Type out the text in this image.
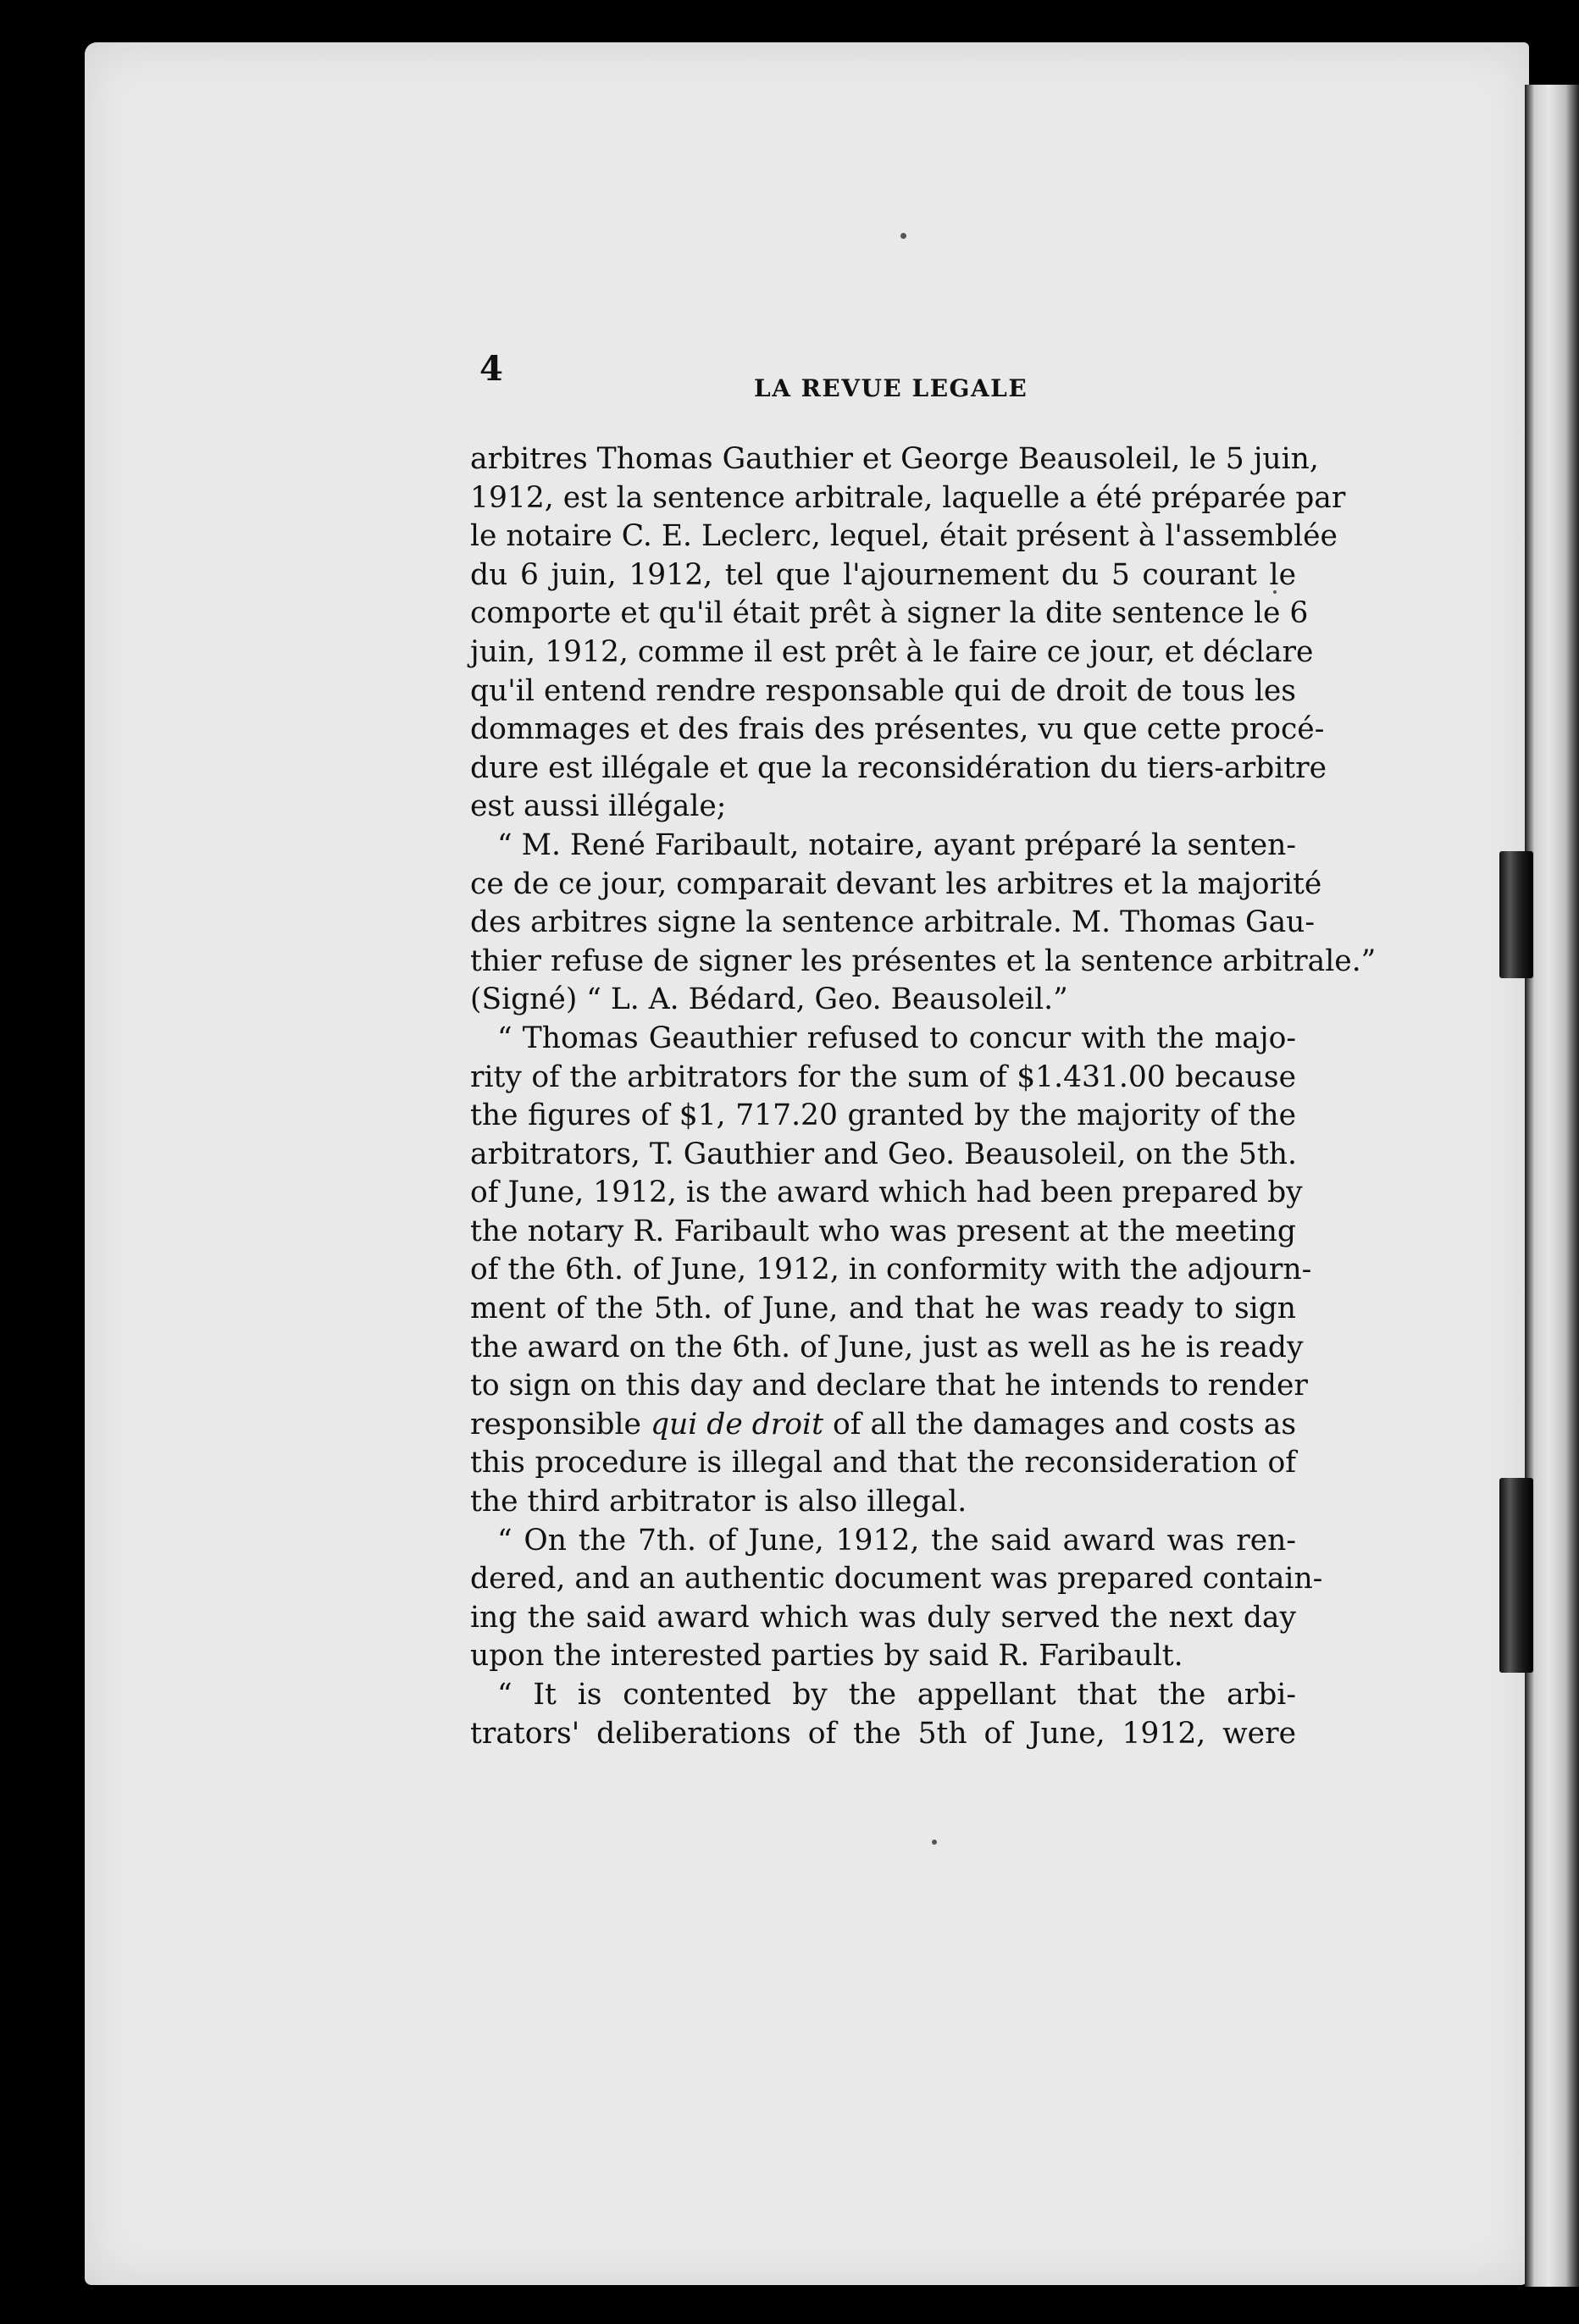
4	LA REVUE LEGALE
arbitres Thomas Gauthier et George Beausoleil, le 5 juin,
1912, est la sentence arbitrale, laquelle a été préparée par
le notaire C. E. Leclerc, lequel, était présent à l'assemblée
du 6 juin, 1912, tel que l'ajournement du 5 courant le
comporte et qu'il était prêt à signer la dite sentence le 6
juin, 1912, comme il est prêt à le faire ce jour, et déclare
qu'il entend rendre responsable qui de droit de tous les
dommages et des frais des présentes, vu que cette procé-
dure est illégale et que la reconsidération du tiers-arbitre
est aussi illégale;
“ M. René Faribault, notaire, ayant préparé la senten-
ce de ce jour, comparait devant les arbitres et la majorité
des arbitres signe la sentence arbitrale. M. Thomas Gau-
thier refuse de signer les présentes et la sentence arbitrale.”
(Signé) “ L. A. Bédard, Geo. Beausoleil.”
“ Thomas Geauthier refused to concur with the majo-
rity of the arbitrators for the sum of $1.431.00 because
the figures of $1, 717.20 granted by the majority of the
arbitrators, T. Gauthier and Geo. Beausoleil, on the 5th.
of June, 1912, is the award which had been prepared by
the notary R. Faribault who was present at the meeting
of the 6th. of June, 1912, in conformity with the adjourn-
ment of the 5th. of June, and that he was ready to sign
the award on the 6th. of June, just as well as he is ready
to sign on this day and declare that he intends to render
responsible qui de droit of all the damages and costs as
this procedure is illegal and that the reconsideration of
the third arbitrator is also illegal.
“ On the 7th. of June, 1912, the said award was ren-
dered, and an authentic document was prepared contain-
ing the said award which was duly served the next day
upon the interested parties by said R. Faribault.
“ It is contented by the appellant that the arbi-
trators' deliberations of the 5th of June, 1912, were
